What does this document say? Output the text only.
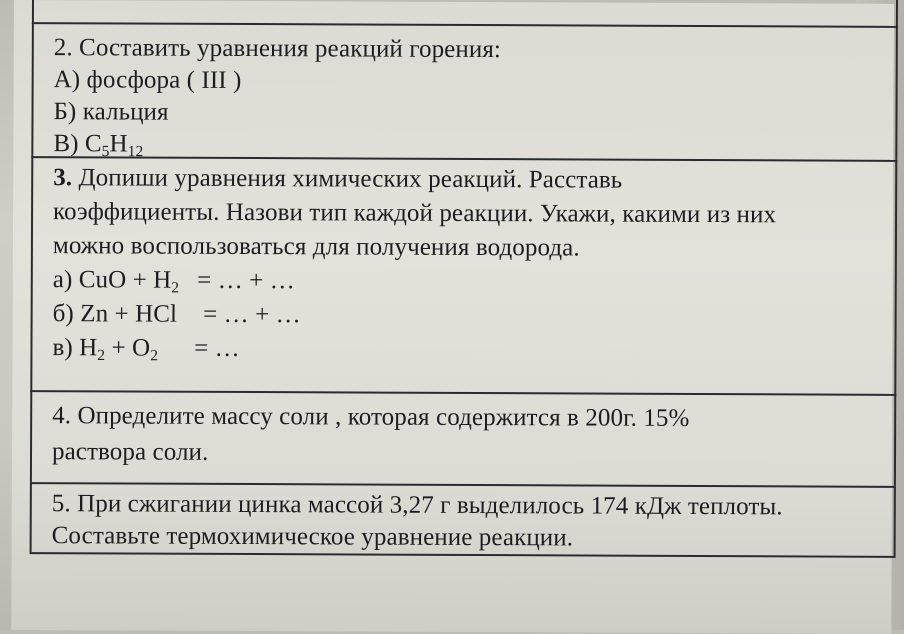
2. Составить уравнения реакций горения:
А) фосфора ( III )
Б) кальция
В) $C_5H_{12}$
3. Допиши уравнения химических реакций. Расставь
коэффициенты. Назови тип каждой реакции. Укажи, какими из них
можно воспользоваться для получения водорода.
а) CuO + $H_2$ = … + …
б) Zn + HCl = … + …
в) $H_2 + O_2$ = …
4. Определите массу соли , которая содержится в 200г. 15%
раствора соли.
5. При сжигании цинка массой 3,27 г выделилось 174 кДж теплоты.
Составьте термохимическое уравнение реакции.
